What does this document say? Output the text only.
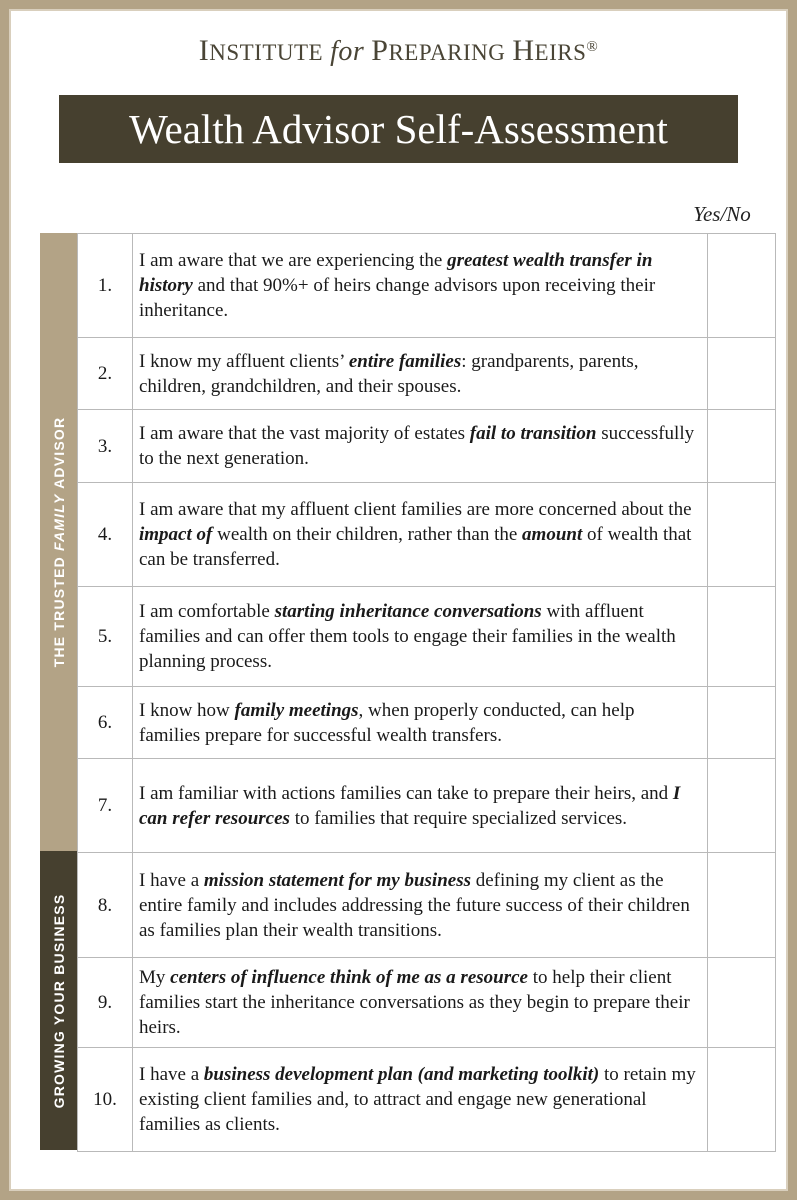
INSTITUTE for PREPARING HEIRS®
Wealth Advisor Self-Assessment
Yes/No
THE TRUSTED FAMILY ADVISOR
GROWING YOUR BUSINESS
1.	I am aware that we are experiencing the greatest wealth transfer in history and that 90%+ of heirs change advisors upon receiving their inheritance.	
2.	I know my affluent clients’ entire families: grandparents, parents, children, grandchildren, and their spouses.	
3.	I am aware that the vast majority of estates fail to transition successfully to the next generation.	
4.	I am aware that my affluent client families are more concerned about the impact of wealth on their children, rather than the amount of wealth that can be transferred.	
5.	I am comfortable starting inheritance conversations with affluent families and can offer them tools to engage their families in the wealth planning process.	
6.	I know how family meetings, when properly conducted, can help families prepare for successful wealth transfers.	
7.	I am familiar with actions families can take to prepare their heirs, and I can refer resources to families that require specialized services.	
8.	I have a mission statement for my business defining my client as the entire family and includes addressing the future success of their children as families plan their wealth transitions.	
9.	My centers of influence think of me as a resource to help their client families start the inheritance conversations as they begin to prepare their heirs.	
10.	I have a business development plan (and marketing toolkit) to retain my existing client families and, to attract and engage new generational families as clients.	
